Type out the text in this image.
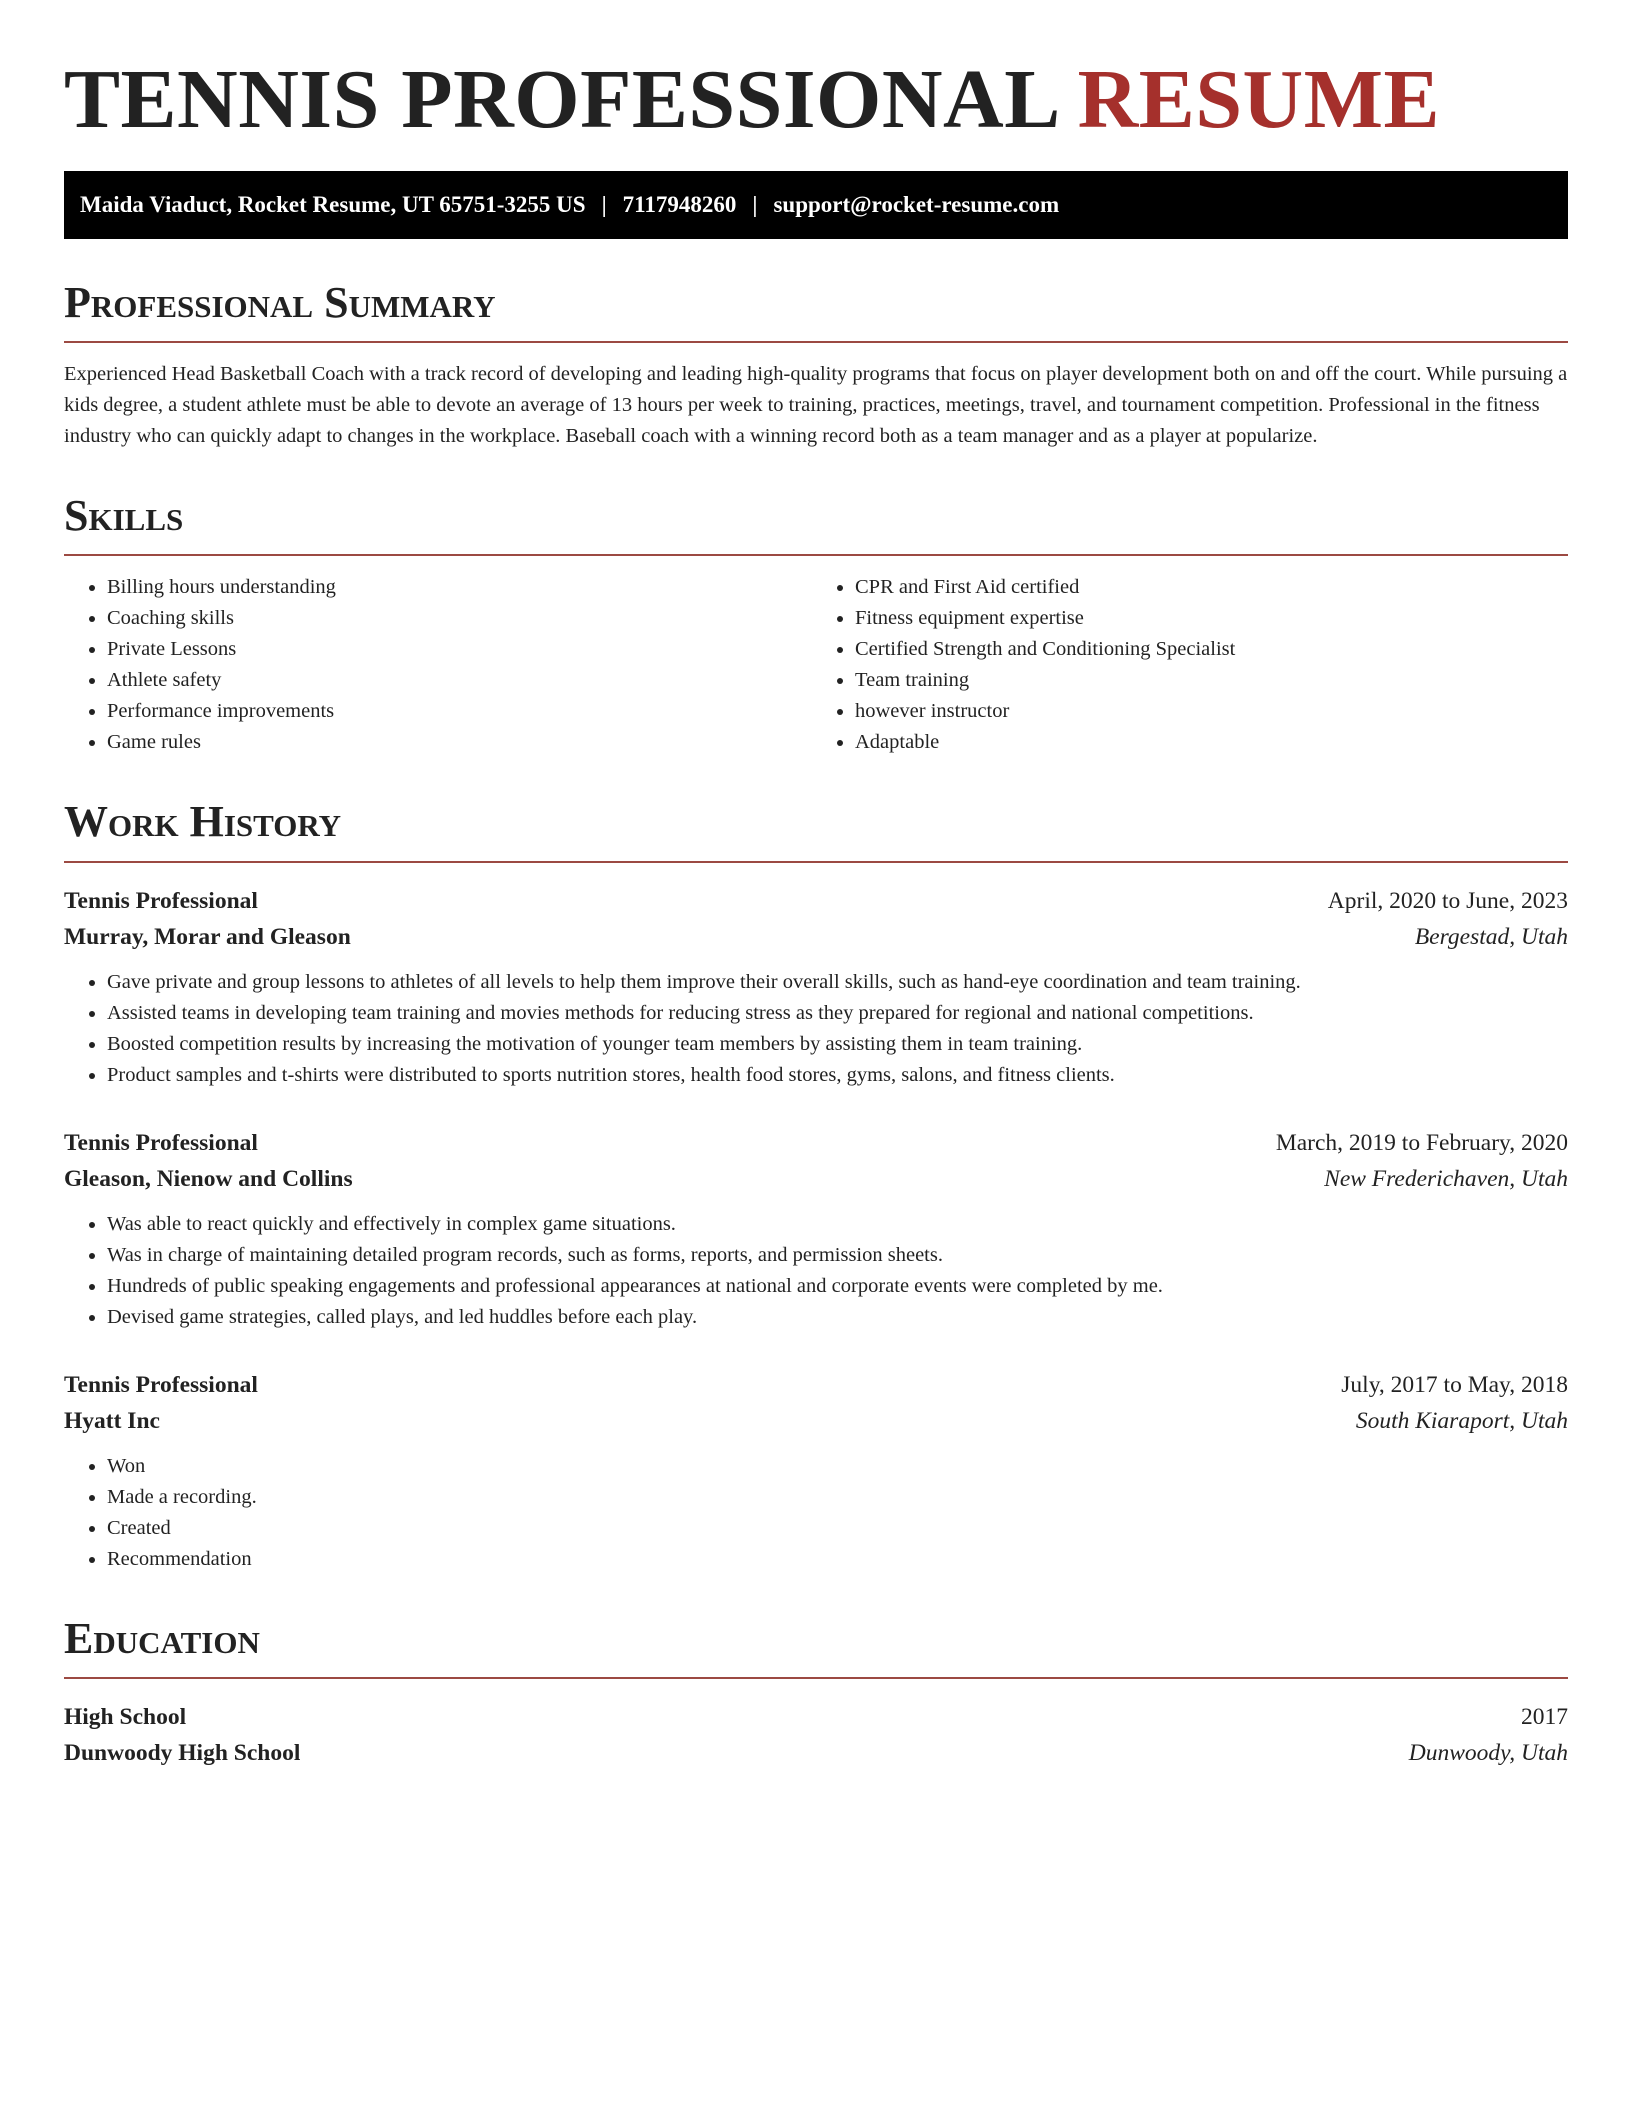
TENNIS PROFESSIONAL RESUME
Maida Viaduct, Rocket Resume, UT 65751-3255 US | 7117948260 | support@rocket-resume.com
Professional Summary

Experienced Head Basketball Coach with a track record of developing and leading high-quality programs that focus on player development both on and off the court. While pursuing a kids degree, a student athlete must be able to devote an average of 13 hours per week to training, practices, meetings, travel, and tournament competition. Professional in the fitness industry who can quickly adapt to changes in the workplace. Baseball coach with a winning record both as a team manager and as a player at popularize.

Skills
• Billing hours understanding
• Coaching skills
• Private Lessons
• Athlete safety
• Performance improvements
• Game rules
• CPR and First Aid certified
• Fitness equipment expertise
• Certified Strength and Conditioning Specialist
• Team training
• however instructor
• Adaptable
Work History
Tennis Professional	April, 2020 to June, 2023
Murray, Morar and Gleason	Bergestad, Utah
• Gave private and group lessons to athletes of all levels to help them improve their overall skills, such as hand-eye coordination and team training.
• Assisted teams in developing team training and movies methods for reducing stress as they prepared for regional and national competitions.
• Boosted competition results by increasing the motivation of younger team members by assisting them in team training.
• Product samples and t-shirts were distributed to sports nutrition stores, health food stores, gyms, salons, and fitness clients.
Tennis Professional	March, 2019 to February, 2020
Gleason, Nienow and Collins	New Frederichaven, Utah
• Was able to react quickly and effectively in complex game situations.
• Was in charge of maintaining detailed program records, such as forms, reports, and permission sheets.
• Hundreds of public speaking engagements and professional appearances at national and corporate events were completed by me.
• Devised game strategies, called plays, and led huddles before each play.
Tennis Professional	July, 2017 to May, 2018
Hyatt Inc	South Kiaraport, Utah
• Won
• Made a recording.
• Created
• Recommendation
Education
High School	2017
Dunwoody High School	Dunwoody, Utah
